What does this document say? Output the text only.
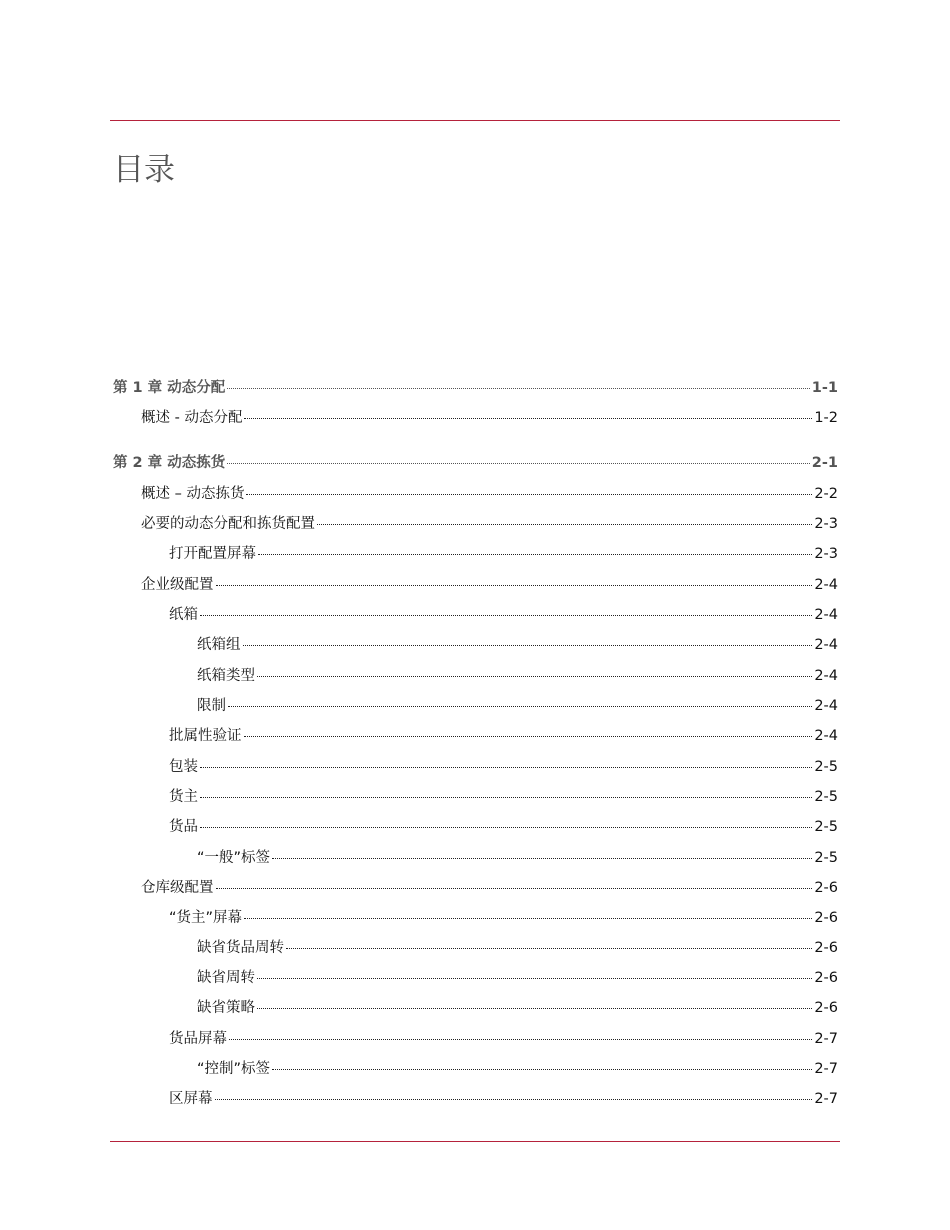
目录
第 1 章 动态分配	1-1
概述 - 动态分配	1-2
第 2 章 动态拣货	2-1
概述 – 动态拣货	2-2
必要的动态分配和拣货配置	2-3
打开配置屏幕	2-3
企业级配置	2-4
纸箱	2-4
纸箱组	2-4
纸箱类型	2-4
限制	2-4
批属性验证	2-4
包装	2-5
货主	2-5
货品	2-5
“一般”标签	2-5
仓库级配置	2-6
“货主”屏幕	2-6
缺省货品周转	2-6
缺省周转	2-6
缺省策略	2-6
货品屏幕	2-7
“控制”标签	2-7
区屏幕	2-7
